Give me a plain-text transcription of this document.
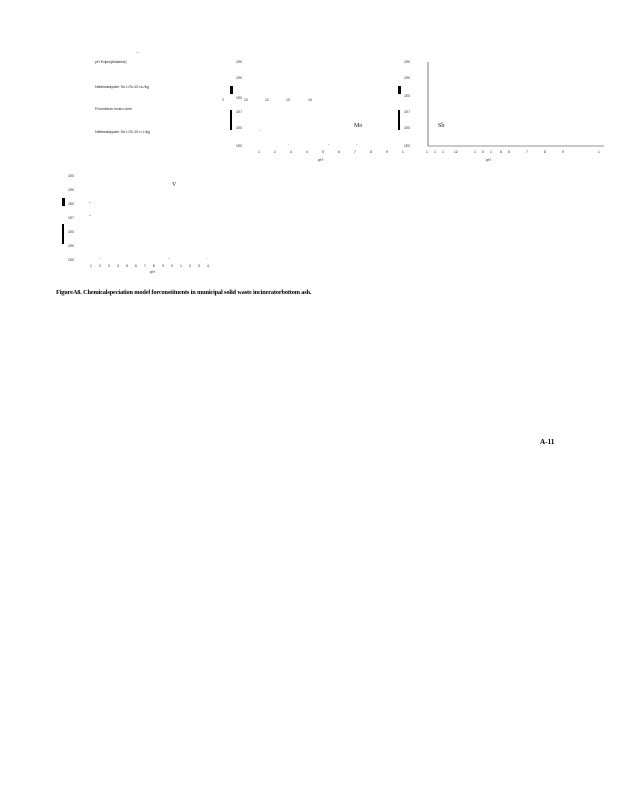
- -
pH Eqbm(bilateral)
Ntbbmalayster Sn L/S=10 nL/kg
Fmonblom m/am dom
Ntbbmalayster Sn L/S=10 n L/kg
2	10	12	13	14
1E0
1E0
1E0
1E7
1E0
1E0
Mo
·
·	·	·
1	2	3	4	5	6	7	8	9	1
pH
1E0
1E0
1E0
1E7
1E0
1E0
Sb
1 1 1	12	1 0 1 8 5	7	8	9	1
pH
1E0
1E0
1E0
1E7
1E0
1E0
1E0
V
-
-
·	·	·
1 2 3 4 5 6 7 8 9 0 1 2 3 4
pH
FigureA8. Chemicalspeciation model forconstituents in municipal solid waste incineratorbottom ash.
A‑11
